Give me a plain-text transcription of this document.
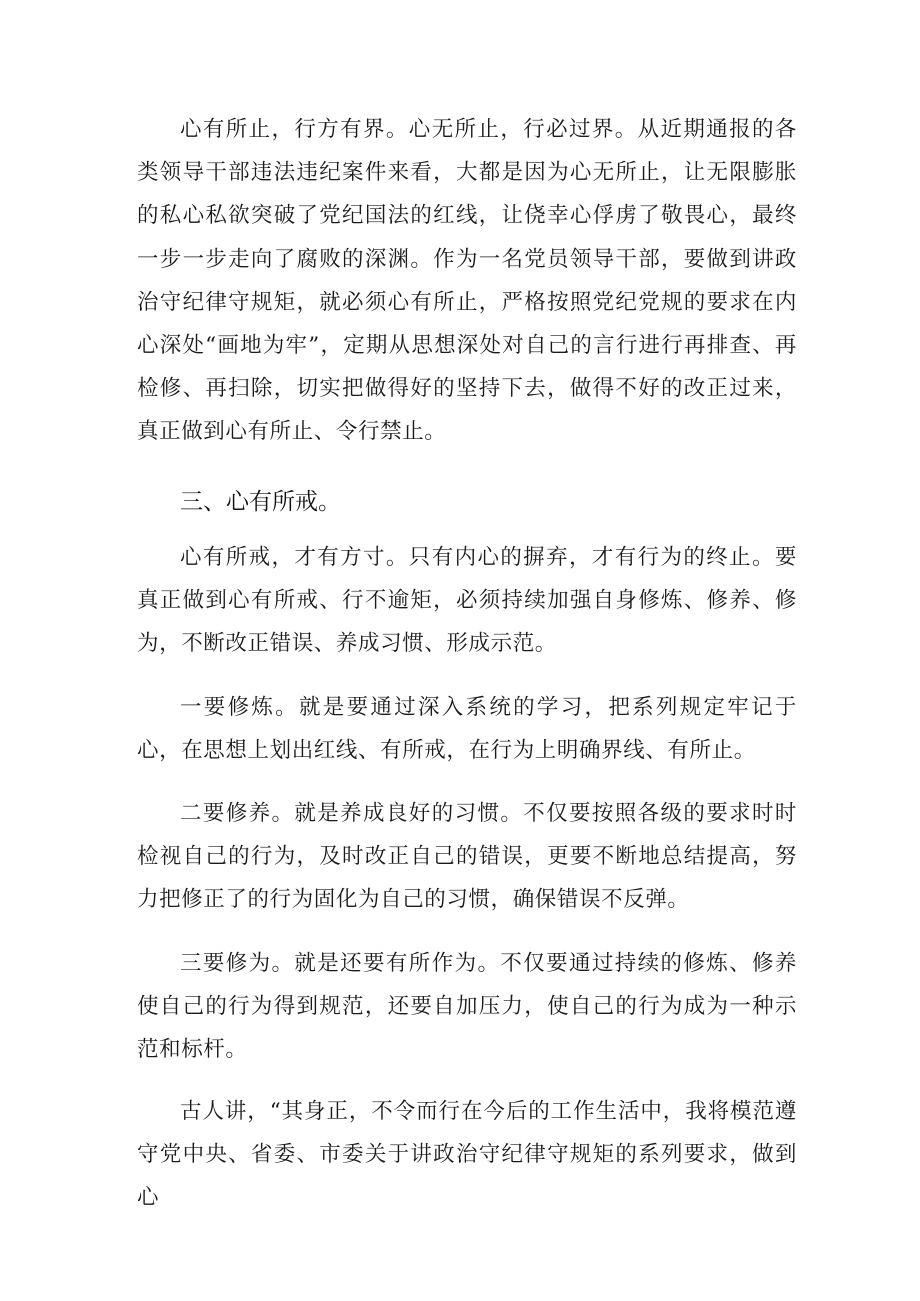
心有所止，行方有界。心无所止，行必过界。从近期通报的各类领导干部违法违纪案件来看，大都是因为心无所止，让无限膨胀的私心私欲突破了党纪国法的红线，让侥幸心俘虏了敬畏心，最终一步一步走向了腐败的深渊。作为一名党员领导干部，要做到讲政治守纪律守规矩，就必须心有所止，严格按照党纪党规的要求在内心深处“画地为牢”，定期从思想深处对自己的言行进行再排查、再检修、再扫除，切实把做得好的坚持下去，做得不好的改正过来，真正做到心有所止、令行禁止。

三、心有所戒。

心有所戒，才有方寸。只有内心的摒弃，才有行为的终止。要真正做到心有所戒、行不逾矩，必须持续加强自身修炼、修养、修为，不断改正错误、养成习惯、形成示范。

一要修炼。就是要通过深入系统的学习，把系列规定牢记于心，在思想上划出红线、有所戒，在行为上明确界线、有所止。

二要修养。就是养成良好的习惯。不仅要按照各级的要求时时检视自己的行为，及时改正自己的错误，更要不断地总结提高，努力把修正了的行为固化为自己的习惯，确保错误不反弹。

三要修为。就是还要有所作为。不仅要通过持续的修炼、修养使自己的行为得到规范，还要自加压力，使自己的行为成为一种示范和标杆。

古人讲，“其身正，不令而行在今后的工作生活中，我将模范遵守党中央、省委、市委关于讲政治守纪律守规矩的系列要求，做到心
